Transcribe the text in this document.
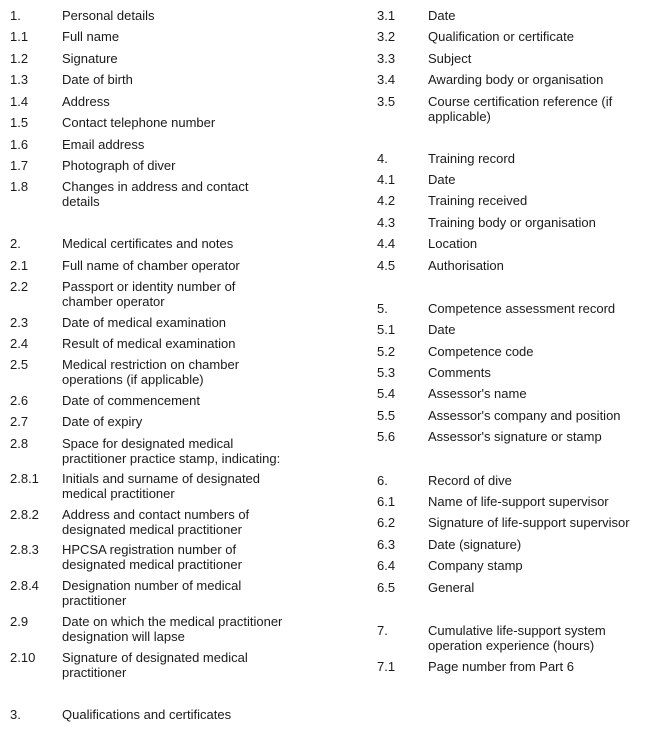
1.	Personal details
1.1	Full name
1.2	Signature
1.3	Date of birth
1.4	Address
1.5	Contact telephone number
1.6	Email address
1.7	Photograph of diver
1.8	Changes in address and contact
details
2.	Medical certificates and notes
2.1	Full name of chamber operator
2.2	Passport or identity number of
chamber operator
2.3	Date of medical examination
2.4	Result of medical examination
2.5	Medical restriction on chamber
operations (if applicable)
2.6	Date of commencement
2.7	Date of expiry
2.8	Space for designated medical
practitioner practice stamp, indicating:
2.8.1 Initials and surname of designated
medical practitioner
2.8.2 Address and contact numbers of
designated medical practitioner
2.8.3 HPCSA registration number of
designated medical practitioner
2.8.4 Designation number of medical
practitioner
2.9	Date on which the medical practitioner
designation will lapse
2.10 Signature of designated medical
practitioner
3.	Qualifications and certificates
3.1	Date
3.2	Qualification or certificate
3.3	Subject
3.4	Awarding body or organisation
3.5	Course certification reference (if
applicable)
4.	Training record
4.1	Date
4.2	Training received
4.3	Training body or organisation
4.4	Location
4.5	Authorisation
5.	Competence assessment record
5.1	Date
5.2	Competence code
5.3	Comments
5.4	Assessor's name
5.5	Assessor's company and position
5.6	Assessor's signature or stamp
6.	Record of dive
6.1	Name of life-support supervisor
6.2	Signature of life-support supervisor
6.3	Date (signature)
6.4	Company stamp
6.5	General
7.	Cumulative life-support system
operation experience (hours)
7.1	Page number from Part 6
